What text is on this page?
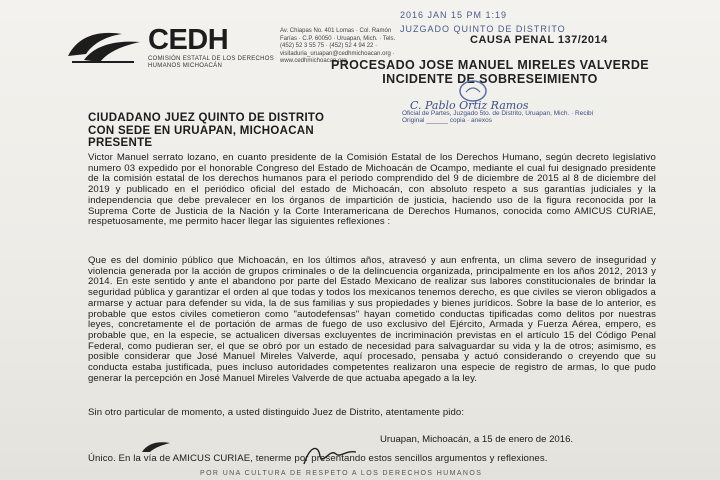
CEDH
COMISIÓN ESTATAL DE LOS DERECHOS HUMANOS MICHOACÁN
Av. Chiapas No. 401 Lomas · Col. Ramón Farías · C.P. 60050 · Uruapan, Mich. · Tels. (452) 52 3 55 75 · (452) 52 4 94 22 · visitaduria_uruapan@cedhmichoacan.org · www.cedhmichoacan.org
2016 JAN 15 PM 1:19
JUZGADO QUINTO DE DISTRITO
CAUSA PENAL 137/2014
PROCESADO JOSE MANUEL MIRELES VALVERDE
INCIDENTE DE SOBRESEIMIENTO
C. Pablo Ortiz Ramos
Oficial de Partes, Juzgado 5to. de Distrito, Uruapan, Mich. · Recibí Original ______ copia · anexos
CIUDADANO JUEZ QUINTO DE DISTRITO
CON SEDE EN URUAPAN, MICHOACAN
PRESENTE
Victor Manuel serrato lozano, en cuanto presidente de la Comisión Estatal de los Derechos Humano, según decreto legislativo numero 03 expedido por el honorable Congreso del Estado de Michoacán de Ocampo, mediante el cual fui designado presidente de la comisión estatal de los derechos humanos para el periodo comprendido del 9 de diciembre de 2015 al 8 de diciembre del 2019 y publicado en el periódico oficial del estado de Michoacán, con absoluto respeto a sus garantías judiciales y la independencia que debe prevalecer en los órganos de impartición de justicia, haciendo uso de la figura reconocida por la Suprema Corte de Justicia de la Nación y la Corte Interamericana de Derechos Humanos, conocida como AMICUS CURIAE, respetuosamente, me permito hacer llegar las siguientes reflexiones :
Que es del dominio público que Michoacán, en los últimos años, atravesó y aun enfrenta, un clima severo de inseguridad y violencia generada por la acción de grupos criminales o de la delincuencia organizada, principalmente en los años 2012, 2013 y 2014. En este sentido y ante el abandono por parte del Estado Mexicano de realizar sus labores constitucionales de brindar la seguridad pública y garantizar el orden al que todas y todos los mexicanos tenemos derecho, es que civiles se vieron obligados a armarse y actuar para defender su vida, la de sus familias y sus propiedades y bienes jurídicos. Sobre la base de lo anterior, es probable que estos civiles cometieron como "autodefensas" hayan cometido conductas tipificadas como delitos por nuestras leyes, concretamente el de portación de armas de fuego de uso exclusivo del Ejército, Armada y Fuerza Aérea, empero, es probable que, en la especie, se actualicen diversas excluyentes de incriminación previstas en el artículo 15 del Código Penal Federal, como pudieran ser, el que se obró por un estado de necesidad para salvaguardar su vida y la de otros; asimismo, es posible considerar que José Manuel Mireles Valverde, aquí procesado, pensaba y actuó considerando o creyendo que su conducta estaba justificada, pues incluso autoridades competentes realizaron una especie de registro de armas, lo que pudo generar la percepción en José Manuel Mireles Valverde de que actuaba apegado a la ley.
Sin otro particular de momento, a usted distinguido Juez de Distrito, atentamente pido:
Único. En la vía de AMICUS CURIAE, tenerme por presentando estos sencillos argumentos y reflexiones.
Uruapan, Michoacán, a 15 de enero de 2016.
POR UNA CULTURA DE RESPETO A LOS DERECHOS HUMANOS
